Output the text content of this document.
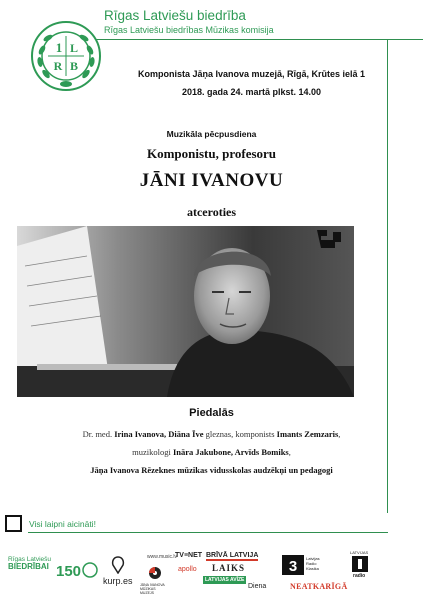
1
R
L
B
Rīgas Latviešu biedrība
Rīgas Latviešu biedrības Mūzikas komisija
Komponista Jāņa Ivanova muzejā, Rīgā, Krūtes ielā 1
2018. gada 24. martā plkst. 14.00
Muzikāla pēcpusdiena
Komponistu, profesoru
JĀNI IVANOVU
atceroties
Piedalās
Dr. med. Irina Ivanova, Diāna Īve gleznas, komponists Imants Zemzaris,
muzikologi Ināra Jakubone, Arvīds Bomiks,
Jāņa Ivanova Rēzeknes mūzikas vidusskolas audzēkņi un pedagogi
Visi laipni aicināti!
Rīgas Latviešu
BIEDRĪBAI 150
kurp.es
www.music.lv
JĀŅA IVANOVA MŪZIKAS MUZEJS
TV≡NET
apollo
BRĪVĀ LATVIJA
LAIKS
LATVIJAS AVĪZE
Diena
3 Latvijas
Radio
Klasika
LATVIJAS
radio
NEATKARĪGĀ
